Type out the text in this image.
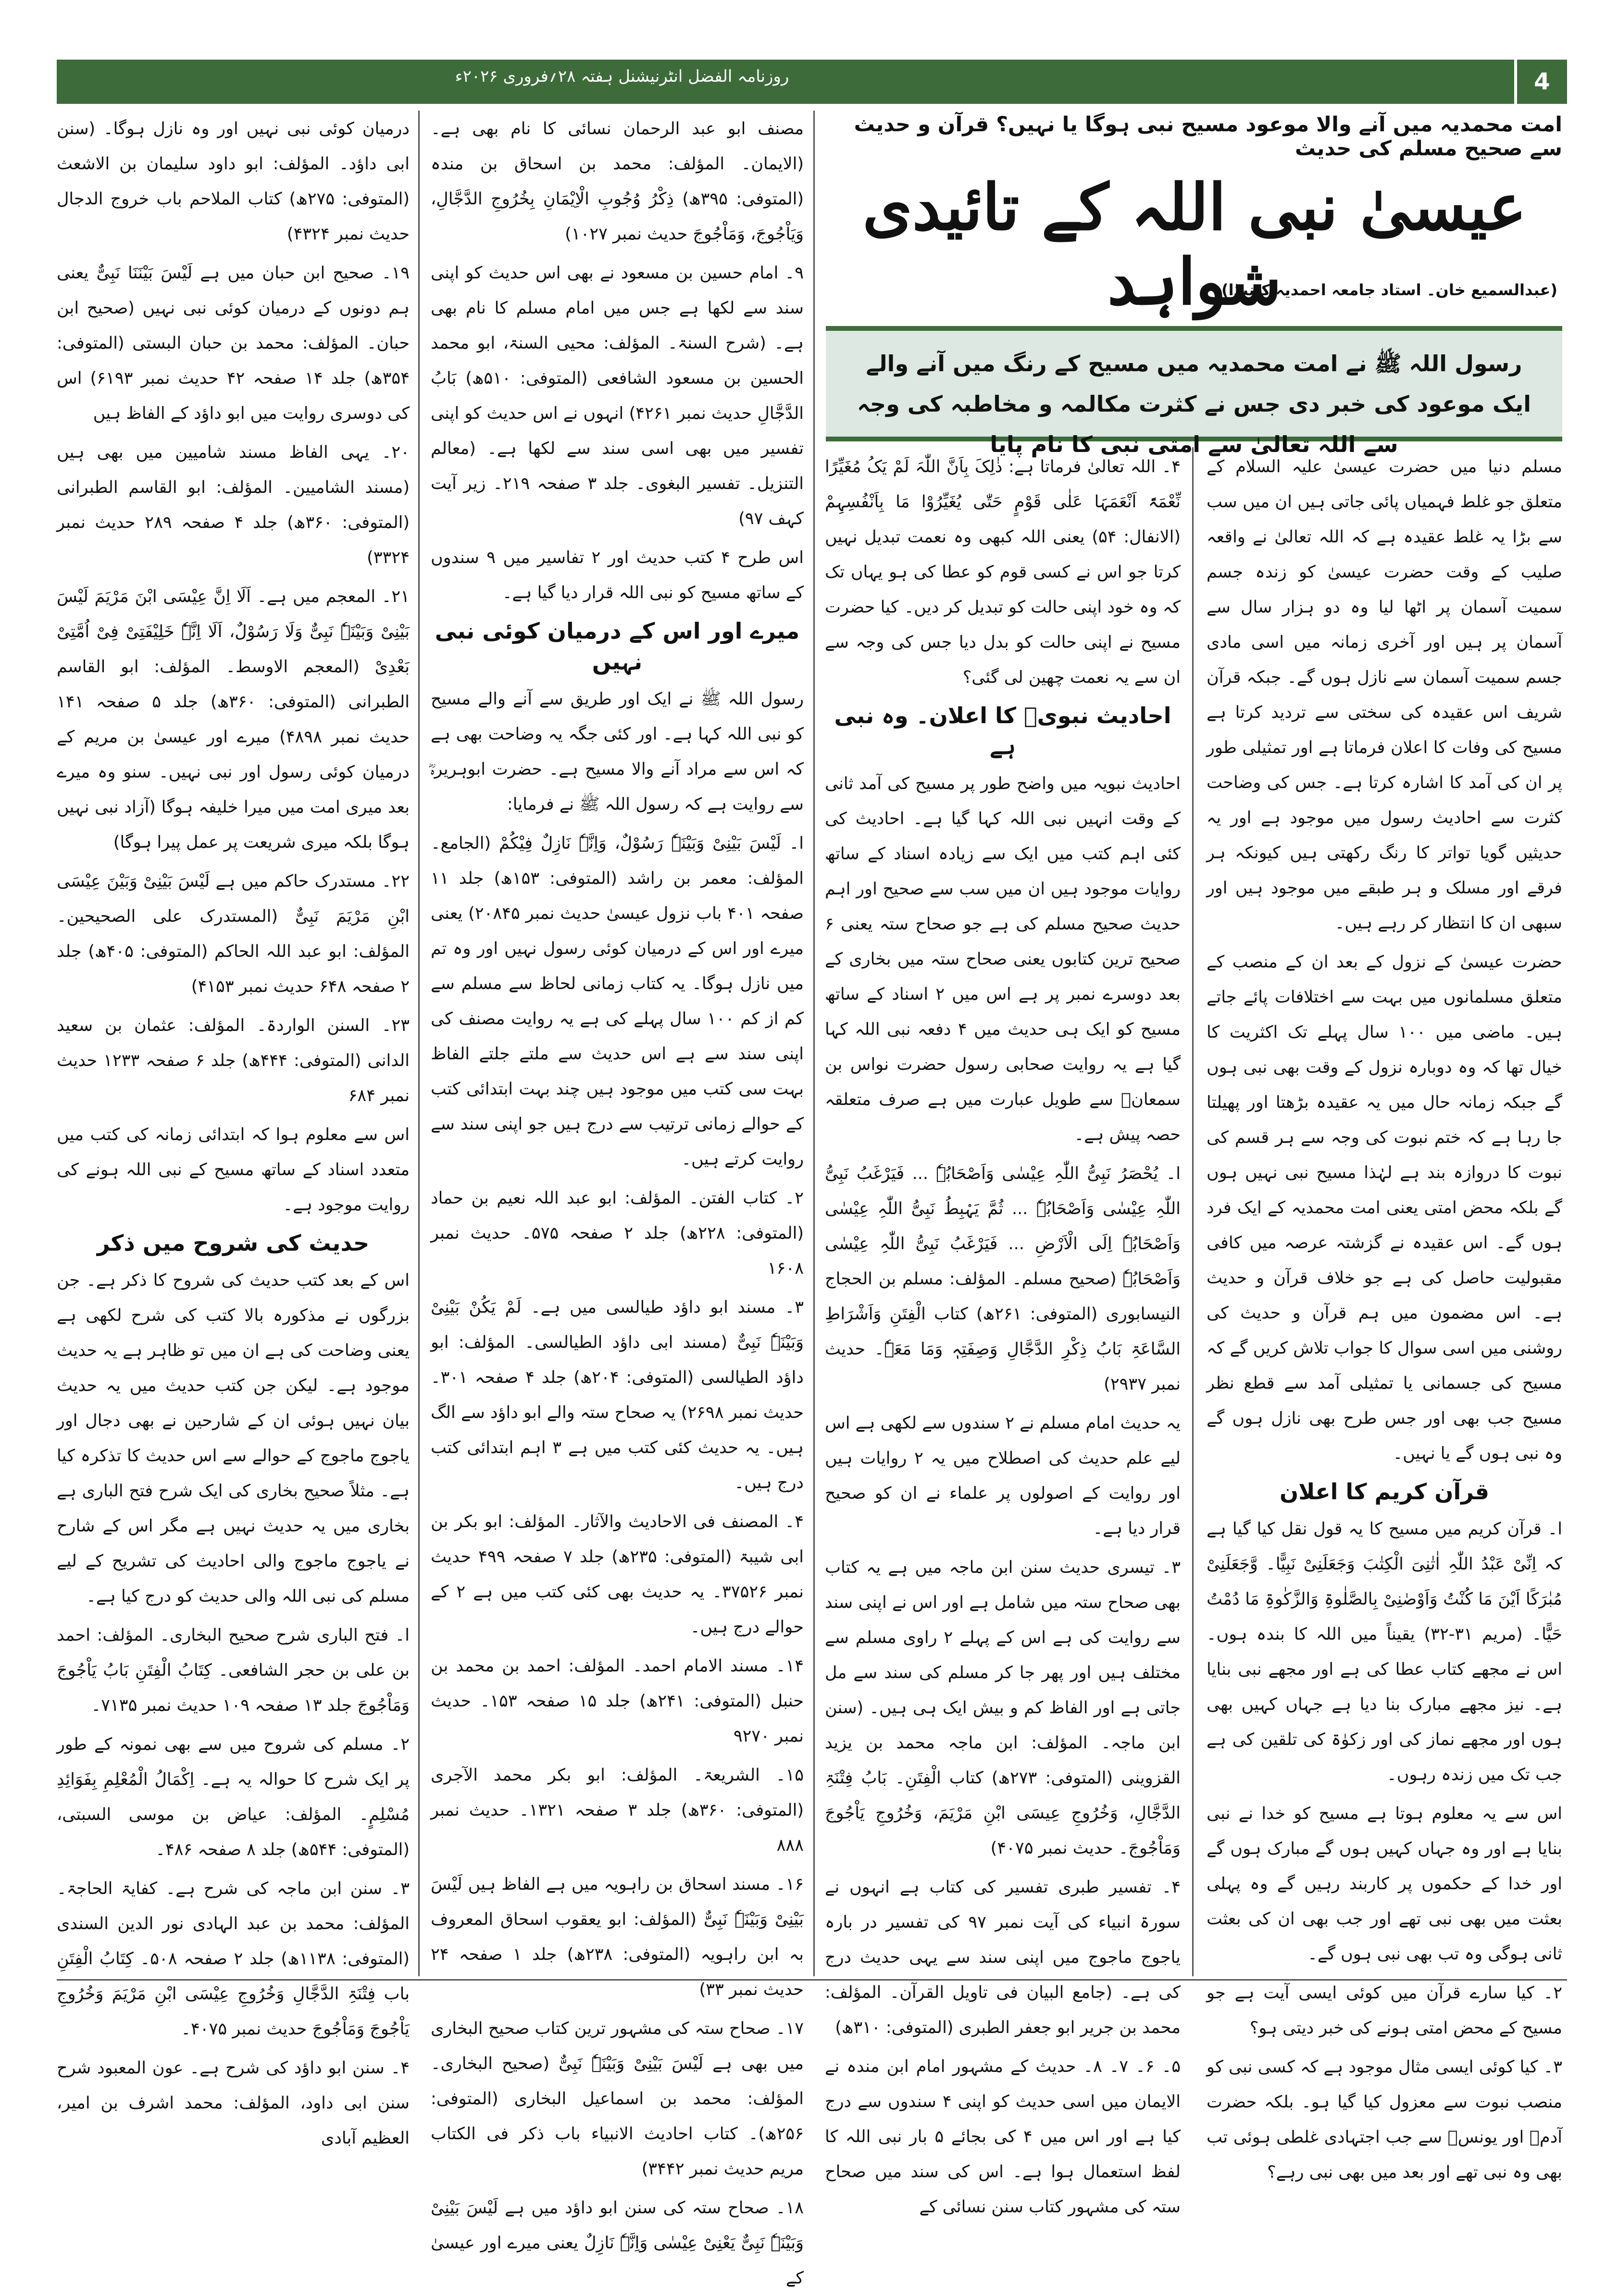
روزنامہ الفضل انٹرنیشنل ہفتہ ۲۸؍فروری ۲۰۲۶ء	4
امت محمدیہ میں آنے والا موعود مسیح نبی ہوگا یا نہیں؟ قرآن و حدیث سے صحیح مسلم کی حدیث
عیسیٰ نبی اللہ کے تائیدی شواہد
(عبدالسمیع خان۔ استاد جامعہ احمدیہ کینیڈا)
رسول اللہ ﷺ نے امت محمدیہ میں مسیح کے رنگ میں آنے والے ایک موعود کی خبر دی جس نے کثرت مکالمہ و مخاطبہ کی وجہ سے اللہ تعالیٰ سے امتی نبی کا نام پایا

مسلم دنیا میں حضرت عیسیٰ علیہ السلام کے متعلق جو غلط فہمیاں پائی جاتی ہیں ان میں سب سے بڑا یہ غلط عقیدہ ہے کہ اللہ تعالیٰ نے واقعہ صلیب کے وقت حضرت عیسیٰ کو زندہ جسم سمیت آسمان پر اٹھا لیا وہ دو ہزار سال سے آسمان پر ہیں اور آخری زمانہ میں اسی مادی جسم سمیت آسمان سے نازل ہوں گے۔ جبکہ قرآن شریف اس عقیدہ کی سختی سے تردید کرتا ہے مسیح کی وفات کا اعلان فرماتا ہے اور تمثیلی طور پر ان کی آمد کا اشارہ کرتا ہے۔ جس کی وضاحت کثرت سے احادیث رسول میں موجود ہے اور یہ حدیثیں گویا تواتر کا رنگ رکھتی ہیں کیونکہ ہر فرقے اور مسلک و ہر طبقے میں موجود ہیں اور سبھی ان کا انتظار کر رہے ہیں۔

حضرت عیسیٰ کے نزول کے بعد ان کے منصب کے متعلق مسلمانوں میں بہت سے اختلافات پائے جاتے ہیں۔ ماضی میں ۱۰۰ سال پہلے تک اکثریت کا خیال تھا کہ وہ دوبارہ نزول کے وقت بھی نبی ہوں گے جبکہ زمانہ حال میں یہ عقیدہ بڑھتا اور پھیلتا جا رہا ہے کہ ختم نبوت کی وجہ سے ہر قسم کی نبوت کا دروازہ بند ہے لہٰذا مسیح نبی نہیں ہوں گے بلکہ محض امتی یعنی امت محمدیہ کے ایک فرد ہوں گے۔ اس عقیدہ نے گزشتہ عرصہ میں کافی مقبولیت حاصل کی ہے جو خلاف قرآن و حدیث ہے۔ اس مضمون میں ہم قرآن و حدیث کی روشنی میں اسی سوال کا جواب تلاش کریں گے کہ مسیح کی جسمانی یا تمثیلی آمد سے قطع نظر مسیح جب بھی اور جس طرح بھی نازل ہوں گے وہ نبی ہوں گے یا نہیں۔

قرآن کریم کا اعلان

ا۔ قرآن کریم میں مسیح کا یہ قول نقل کیا گیا ہے کہ اِنِّیْ عَبْدُ اللّٰہِ اٰتٰنِیَ الْکِتٰبَ وَجَعَلَنِیْ نَبِیًّا۔ وَّجَعَلَنِیْ مُبٰرَکًا اَیْنَ مَا کُنْتُ وَاَوْصٰنِیْ بِالصَّلٰوۃِ وَالزَّکٰوۃِ مَا دُمْتُ حَیًّا۔ (مریم ۳۱-۳۲) یقیناً میں اللہ کا بندہ ہوں۔ اس نے مجھے کتاب عطا کی ہے اور مجھے نبی بنایا ہے۔ نیز مجھے مبارک بنا دیا ہے جہاں کہیں بھی ہوں اور مجھے نماز کی اور زکوٰۃ کی تلقین کی ہے جب تک میں زندہ رہوں۔

اس سے یہ معلوم ہوتا ہے مسیح کو خدا نے نبی بنایا ہے اور وہ جہاں کہیں ہوں گے مبارک ہوں گے اور خدا کے حکموں پر کاربند رہیں گے وہ پہلی بعثت میں بھی نبی تھے اور جب بھی ان کی بعثت ثانی ہوگی وہ تب بھی نبی ہوں گے۔

۲۔ کیا سارے قرآن میں کوئی ایسی آیت ہے جو مسیح کے محض امتی ہونے کی خبر دیتی ہو؟

۳۔ کیا کوئی ایسی مثال موجود ہے کہ کسی نبی کو منصب نبوت سے معزول کیا گیا ہو۔ بلکہ حضرت آدمؑ اور یونسؑ سے جب اجتہادی غلطی ہوئی تب بھی وہ نبی تھے اور بعد میں بھی نبی رہے؟

۴۔ اللہ تعالیٰ فرماتا ہے: ذٰلِکَ بِاَنَّ اللّٰہَ لَمْ یَکُ مُغَیِّرًا نِّعْمَۃً اَنْعَمَہَا عَلٰی قَوْمٍ حَتّٰی یُغَیِّرُوْا مَا بِاَنْفُسِہِمْ (الانفال: ۵۴) یعنی اللہ کبھی وہ نعمت تبدیل نہیں کرتا جو اس نے کسی قوم کو عطا کی ہو یہاں تک کہ وہ خود اپنی حالت کو تبدیل کر دیں۔ کیا حضرت مسیح نے اپنی حالت کو بدل دیا جس کی وجہ سے ان سے یہ نعمت چھین لی گئی؟

احادیث نبویؐ کا اعلان۔ وہ نبی ہے

احادیث نبویہ میں واضح طور پر مسیح کی آمد ثانی کے وقت انہیں نبی اللہ کہا گیا ہے۔ احادیث کی کئی اہم کتب میں ایک سے زیادہ اسناد کے ساتھ روایات موجود ہیں ان میں سب سے صحیح اور اہم حدیث صحیح مسلم کی ہے جو صحاح ستہ یعنی ۶ صحیح ترین کتابوں یعنی صحاح ستہ میں بخاری کے بعد دوسرے نمبر پر ہے اس میں ۲ اسناد کے ساتھ مسیح کو ایک ہی حدیث میں ۴ دفعہ نبی اللہ کہا گیا ہے یہ روایت صحابی رسول حضرت نواس بن سمعانؓ سے طویل عبارت میں ہے صرف متعلقہ حصہ پیش ہے۔

ا۔ یُحْصَرُ نَبِیُّ اللّٰہِ عِیْسٰی وَاَصْحَابُہٗ ... فَیَرْغَبُ نَبِیُّ اللّٰہِ عِیْسٰی وَاَصْحَابُہٗ ... ثُمَّ یَہْبِطُ نَبِیُّ اللّٰہِ عِیْسٰی وَاَصْحَابُہٗ اِلَی الْاَرْضِ ... فَیَرْغَبُ نَبِیُّ اللّٰہِ عِیْسٰی وَاَصْحَابُہٗ (صحیح مسلم۔ المؤلف: مسلم بن الحجاج النیسابوری (المتوفی: ۲۶۱ھ) کتاب الْفِتَنِ وَاَشْرَاطِ السَّاعَۃِ بَابُ ذِکْرِ الدَّجَّالِ وَصِفَتِہٖ وَمَا مَعَہٗ۔ حدیث نمبر ۲۹۳۷)

یہ حدیث امام مسلم نے ۲ سندوں سے لکھی ہے اس لیے علم حدیث کی اصطلاح میں یہ ۲ روایات ہیں اور روایت کے اصولوں پر علماء نے ان کو صحیح قرار دیا ہے۔

۳۔ تیسری حدیث سنن ابن ماجہ میں ہے یہ کتاب بھی صحاح ستہ میں شامل ہے اور اس نے اپنی سند سے روایت کی ہے اس کے پہلے ۲ راوی مسلم سے مختلف ہیں اور پھر جا کر مسلم کی سند سے مل جاتی ہے اور الفاظ کم و بیش ایک ہی ہیں۔ (سنن ابن ماجہ۔ المؤلف: ابن ماجہ محمد بن یزید القزوینی (المتوفی: ۲۷۳ھ) کتاب الْفِتَنِ۔ بَابُ فِتْنَۃِ الدَّجَّالِ، وَخُرُوجِ عِیسَی ابْنِ مَرْیَمَ، وَخُرُوجِ یَاْجُوجَ وَمَاْجُوجَ۔ حدیث نمبر ۴۰۷۵)

۴۔ تفسیر طبری تفسیر کی کتاب ہے انہوں نے سورۃ انبیاء کی آیت نمبر ۹۷ کی تفسیر در بارہ یاجوج ماجوج میں اپنی سند سے یہی حدیث درج کی ہے۔ (جامع البیان فی تاویل القرآن۔ المؤلف: محمد بن جریر ابو جعفر الطبری (المتوفی: ۳۱۰ھ)

۵۔ ۶۔ ۷۔ ۸۔ حدیث کے مشہور امام ابن مندہ نے الایمان میں اسی حدیث کو اپنی ۴ سندوں سے درج کیا ہے اور اس میں ۴ کی بجائے ۵ بار نبی اللہ کا لفظ استعمال ہوا ہے۔ اس کی سند میں صحاح ستہ کی مشہور کتاب سنن نسائی کے

مصنف ابو عبد الرحمان نسائی کا نام بھی ہے۔ (الایمان۔ المؤلف: محمد بن اسحاق بن مندہ (المتوفی: ۳۹۵ھ) ذِکْرُ وُجُوبِ الْاِیْمَانِ بِخُرُوجِ الدَّجَّالِ، وَیَاْجُوجَ، وَمَاْجُوجَ حدیث نمبر ۱۰۲۷)

۹۔ امام حسین بن مسعود نے بھی اس حدیث کو اپنی سند سے لکھا ہے جس میں امام مسلم کا نام بھی ہے۔ (شرح السنۃ۔ المؤلف: محیی السنۃ، ابو محمد الحسین بن مسعود الشافعی (المتوفی: ۵۱۰ھ) بَابُ الدَّجَّالِ حدیث نمبر ۴۲۶۱) انہوں نے اس حدیث کو اپنی تفسیر میں بھی اسی سند سے لکھا ہے۔ (معالم التنزیل۔ تفسیر البغوی۔ جلد ۳ صفحہ ۲۱۹۔ زیر آیت کہف ۹۷)

اس طرح ۴ کتب حدیث اور ۲ تفاسیر میں ۹ سندوں کے ساتھ مسیح کو نبی اللہ قرار دیا گیا ہے۔

میرے اور اس کے درمیان کوئی نبی نہیں

رسول اللہ ﷺ نے ایک اور طریق سے آنے والے مسیح کو نبی اللہ کہا ہے۔ اور کئی جگہ یہ وضاحت بھی ہے کہ اس سے مراد آنے والا مسیح ہے۔ حضرت ابوہریرہؓ سے روایت ہے کہ رسول اللہ ﷺ نے فرمایا:

ا۔ لَیْسَ بَیْنِیْ وَبَیْنَہٗ رَسُوْلٌ، وَاِنَّہٗ نَازِلٌ فِیْکُمْ (الجامع۔ المؤلف: معمر بن راشد (المتوفی: ۱۵۳ھ) جلد ۱۱ صفحہ ۴۰۱ باب نزول عیسیٰ حدیث نمبر ۲۰۸۴۵) یعنی میرے اور اس کے درمیان کوئی رسول نہیں اور وہ تم میں نازل ہوگا۔ یہ کتاب زمانی لحاظ سے مسلم سے کم از کم ۱۰۰ سال پہلے کی ہے یہ روایت مصنف کی اپنی سند سے ہے اس حدیث سے ملتے جلتے الفاظ بہت سی کتب میں موجود ہیں چند بہت ابتدائی کتب کے حوالے زمانی ترتیب سے درج ہیں جو اپنی سند سے روایت کرتے ہیں۔

۲۔ کتاب الفتن۔ المؤلف: ابو عبد اللہ نعیم بن حماد (المتوفی: ۲۲۸ھ) جلد ۲ صفحہ ۵۷۵۔ حدیث نمبر ۱۶۰۸

۳۔ مسند ابو داؤد طیالسی میں ہے۔ لَمْ یَکُنْ بَیْنِیْ وَبَیْنَہٗ نَبِیٌّ (مسند ابی داؤد الطیالسی۔ المؤلف: ابو داؤد الطیالسی (المتوفی: ۲۰۴ھ) جلد ۴ صفحہ ۳۰۱۔ حدیث نمبر ۲۶۹۸) یہ صحاح ستہ والے ابو داؤد سے الگ ہیں۔ یہ حدیث کئی کتب میں ہے ۳ اہم ابتدائی کتب درج ہیں۔

۴۔ المصنف فی الاحادیث والآثار۔ المؤلف: ابو بکر بن ابی شیبۃ (المتوفی: ۲۳۵ھ) جلد ۷ صفحہ ۴۹۹ حدیث نمبر ۳۷۵۲۶۔ یہ حدیث بھی کئی کتب میں ہے ۲ کے حوالے درج ہیں۔

۱۴۔ مسند الامام احمد۔ المؤلف: احمد بن محمد بن حنبل (المتوفی: ۲۴۱ھ) جلد ۱۵ صفحہ ۱۵۳۔ حدیث نمبر ۹۲۷۰

۱۵۔ الشریعۃ۔ المؤلف: ابو بکر محمد الآجری (المتوفی: ۳۶۰ھ) جلد ۳ صفحہ ۱۳۲۱۔ حدیث نمبر ۸۸۸

۱۶۔ مسند اسحاق بن راہویہ میں ہے الفاظ ہیں لَیْسَ بَیْنِیْ وَبَیْنَہٗ نَبِیٌّ (المؤلف: ابو یعقوب اسحاق المعروف بہ ابن راہویہ (المتوفی: ۲۳۸ھ) جلد ۱ صفحہ ۲۴ حدیث نمبر ۳۳)

۱۷۔ صحاح ستہ کی مشہور ترین کتاب صحیح البخاری میں بھی ہے لَیْسَ بَیْنِیْ وَبَیْنَہٗ نَبِیٌّ (صحیح البخاری۔ المؤلف: محمد بن اسماعیل البخاری (المتوفی: ۲۵۶ھ)۔ کتاب احادیث الانبیاء باب ذکر فی الکتاب مریم حدیث نمبر ۳۴۴۲)

۱۸۔ صحاح ستہ کی سنن ابو داؤد میں ہے لَیْسَ بَیْنِیْ وَبَیْنَہٗ نَبِیٌّ یَعْنِیْ عِیْسٰی وَاِنَّہٗ نَازِلٌ یعنی میرے اور عیسیٰ کے

درمیان کوئی نبی نہیں اور وہ نازل ہوگا۔ (سنن ابی داؤد۔ المؤلف: ابو داود سلیمان بن الاشعث (المتوفی: ۲۷۵ھ) کتاب الملاحم باب خروج الدجال حدیث نمبر ۴۳۲۴)

۱۹۔ صحیح ابن حبان میں ہے لَیْسَ بَیْنَنَا نَبِیٌّ یعنی ہم دونوں کے درمیان کوئی نبی نہیں (صحیح ابن حبان۔ المؤلف: محمد بن حبان البستی (المتوفی: ۳۵۴ھ) جلد ۱۴ صفحہ ۴۲ حدیث نمبر ۶۱۹۳) اس کی دوسری روایت میں ابو داؤد کے الفاظ ہیں

۲۰۔ یہی الفاظ مسند شامیین میں بھی ہیں (مسند الشامیین۔ المؤلف: ابو القاسم الطبرانی (المتوفی: ۳۶۰ھ) جلد ۴ صفحہ ۲۸۹ حدیث نمبر ۳۳۲۴)

۲۱۔ المعجم میں ہے۔ اَلَا اِنَّ عِیْسَی ابْنَ مَرْیَمَ لَیْسَ بَیْنِیْ وَبَیْنَہٗ نَبِیٌّ وَلَا رَسُوْلٌ، اَلَا اِنَّہٗ خَلِیْفَتِیْ فِیْ اُمَّتِیْ بَعْدِیْ (المعجم الاوسط۔ المؤلف: ابو القاسم الطبرانی (المتوفی: ۳۶۰ھ) جلد ۵ صفحہ ۱۴۱ حدیث نمبر ۴۸۹۸) میرے اور عیسیٰ بن مریم کے درمیان کوئی رسول اور نبی نہیں۔ سنو وہ میرے بعد میری امت میں میرا خلیفہ ہوگا (آزاد نبی نہیں ہوگا بلکہ میری شریعت پر عمل پیرا ہوگا)

۲۲۔ مستدرک حاکم میں ہے لَیْسَ بَیْنِیْ وَبَیْنَ عِیْسَی ابْنِ مَرْیَمَ نَبِیٌّ (المستدرک علی الصحیحین۔ المؤلف: ابو عبد اللہ الحاکم (المتوفی: ۴۰۵ھ) جلد ۲ صفحہ ۶۴۸ حدیث نمبر ۴۱۵۳)

۲۳۔ السنن الواردۃ۔ المؤلف: عثمان بن سعید الدانی (المتوفی: ۴۴۴ھ) جلد ۶ صفحہ ۱۲۳۳ حدیث نمبر ۶۸۴

اس سے معلوم ہوا کہ ابتدائی زمانہ کی کتب میں متعدد اسناد کے ساتھ مسیح کے نبی اللہ ہونے کی روایت موجود ہے۔

حدیث کی شروح میں ذکر

اس کے بعد کتب حدیث کی شروح کا ذکر ہے۔ جن بزرگوں نے مذکورہ بالا کتب کی شرح لکھی ہے یعنی وضاحت کی ہے ان میں تو ظاہر ہے یہ حدیث موجود ہے۔ لیکن جن کتب حدیث میں یہ حدیث بیان نہیں ہوئی ان کے شارحین نے بھی دجال اور یاجوج ماجوج کے حوالے سے اس حدیث کا تذکرہ کیا ہے۔ مثلاً صحیح بخاری کی ایک شرح فتح الباری ہے بخاری میں یہ حدیث نہیں ہے مگر اس کے شارح نے یاجوج ماجوج والی احادیث کی تشریح کے لیے مسلم کی نبی اللہ والی حدیث کو درج کیا ہے۔

ا۔ فتح الباری شرح صحیح البخاری۔ المؤلف: احمد بن علی بن حجر الشافعی۔ کِتَابُ الْفِتَنِ بَابُ یَاْجُوجَ وَمَاْجُوجَ جلد ۱۳ صفحہ ۱۰۹ حدیث نمبر ۷۱۳۵۔

۲۔ مسلم کی شروح میں سے بھی نمونہ کے طور پر ایک شرح کا حوالہ یہ ہے۔ اِکْمَالُ الْمُعْلِمِ بِفَوَائِدِ مُسْلِمٍ۔ المؤلف: عیاض بن موسی السبتی، (المتوفی: ۵۴۴ھ) جلد ۸ صفحہ ۴۸۶۔

۳۔ سنن ابن ماجہ کی شرح ہے۔ کفایۃ الحاجۃ۔ المؤلف: محمد بن عبد الہادی نور الدین السندی (المتوفی: ۱۱۳۸ھ) جلد ۲ صفحہ ۵۰۸۔ کِتَابُ الْفِتَنِ باب فِتْنَۃِ الدَّجَّالِ وَخُرُوجِ عِیْسَی ابْنِ مَرْیَمَ وَخُرُوجِ یَاْجُوجَ وَمَاْجُوجَ حدیث نمبر ۴۰۷۵۔

۴۔ سنن ابو داؤد کی شرح ہے۔ عون المعبود شرح سنن ابی داود، المؤلف: محمد اشرف بن امیر، العظیم آبادی
